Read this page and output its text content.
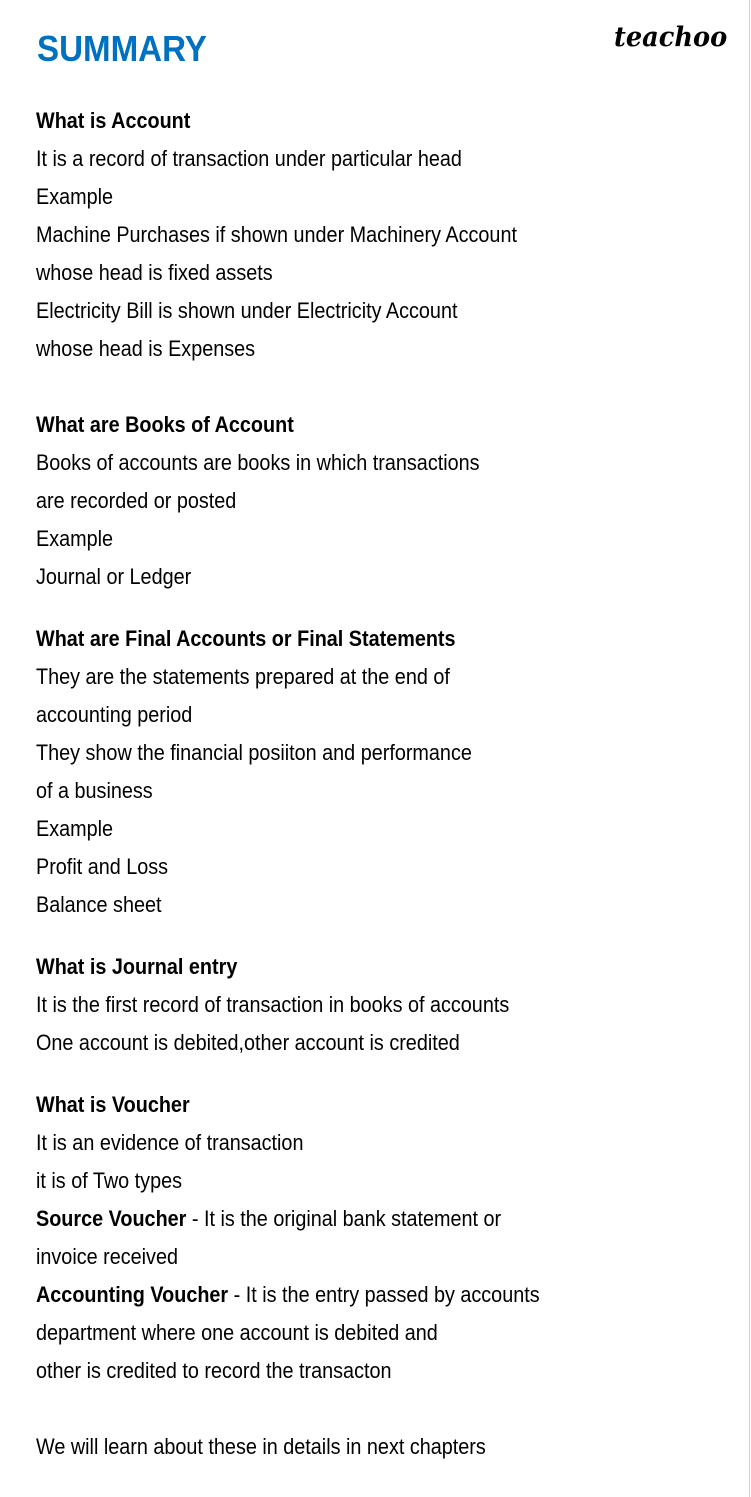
SUMMARY	teachoo
What is Account
It is a record of transaction under particular head
Example
Machine Purchases if shown under Machinery Account
whose head is fixed assets
Electricity Bill is shown under Electricity Account
whose head is Expenses
What are Books of Account
Books of accounts are books in which transactions
are recorded or posted
Example
Journal or Ledger
What are Final Accounts or Final Statements
They are the statements prepared at the end of
accounting period
They show the financial posiiton and performance
of a business
Example
Profit and Loss
Balance sheet
What is Journal entry
It is the first record of transaction in books of accounts
One account is debited,other account is credited
What is Voucher
It is an evidence of transaction
it is of Two types
Source Voucher - It is the original bank statement or
invoice received
Accounting Voucher - It is the entry passed by accounts
department where one account is debited and
other is credited to record the transacton
We will learn about these in details in next chapters
